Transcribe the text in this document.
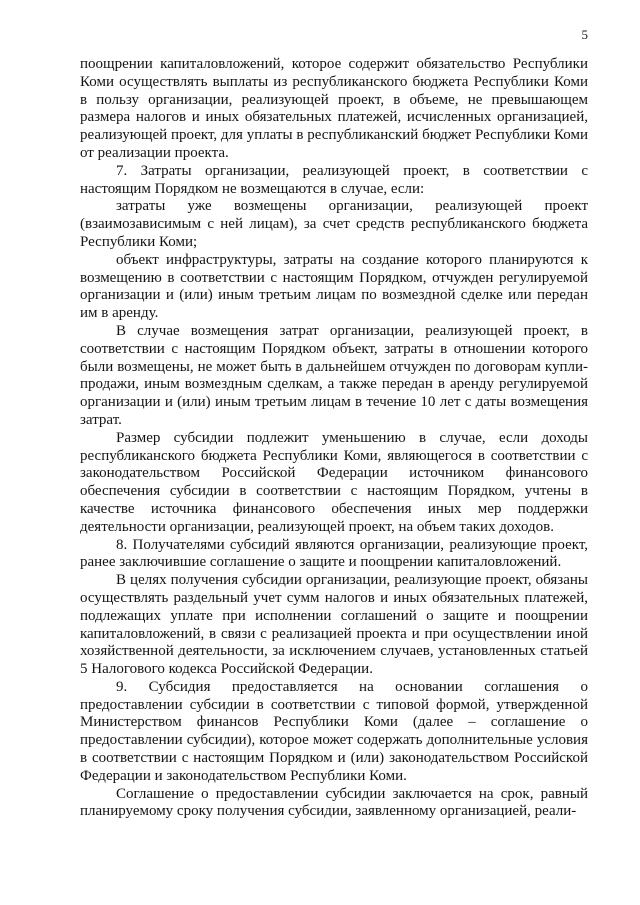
5

поощрении капиталовложений, которое содержит обязательство Республики Коми осуществлять выплаты из республиканского бюджета Республики Коми в пользу организации, реализующей проект, в объеме, не превышающем размера налогов и иных обязательных платежей, исчисленных организацией, реализующей проект, для уплаты в республиканский бюджет Республики Коми от реализации проекта.

7. Затраты организации, реализующей проект, в соответствии с настоящим Порядком не возмещаются в случае, если:

затраты уже возмещены организации, реализующей проект (взаимозависимым с ней лицам), за счет средств республиканского бюджета Республики Коми;

объект инфраструктуры, затраты на создание которого планируются к возмещению в соответствии с настоящим Порядком, отчужден регулируемой организации и (или) иным третьим лицам по возмездной сделке или передан им в аренду.

В случае возмещения затрат организации, реализующей проект, в соответствии с настоящим Порядком объект, затраты в отношении которого были возмещены, не может быть в дальнейшем отчужден по договорам купли-продажи, иным возмездным сделкам, а также передан в аренду регулируемой организации и (или) иным третьим лицам в течение 10 лет с даты возмещения затрат.

Размер субсидии подлежит уменьшению в случае, если доходы республиканского бюджета Республики Коми, являющегося в соответствии с законодательством Российской Федерации источником финансового обеспечения субсидии в соответствии с настоящим Порядком, учтены в качестве источника финансового обеспечения иных мер поддержки деятельности организации, реализующей проект, на объем таких доходов.

8. Получателями субсидий являются организации, реализующие проект, ранее заключившие соглашение о защите и поощрении капиталовложений.

В целях получения субсидии организации, реализующие проект, обязаны осуществлять раздельный учет сумм налогов и иных обязательных платежей, подлежащих уплате при исполнении соглашений о защите и поощрении капиталовложений, в связи с реализацией проекта и при осуществлении иной хозяйственной деятельности, за исключением случаев, установленных статьей 5 Налогового кодекса Российской Федерации.

9. Субсидия предоставляется на основании соглашения о предоставлении субсидии в соответствии с типовой формой, утвержденной Министерством финансов Республики Коми (далее – соглашение о предоставлении субсидии), которое может содержать дополнительные условия в соответствии с настоящим Порядком и (или) законодательством Российской Федерации и законодательством Республики Коми.

Соглашение о предоставлении субсидии заключается на срок, равный планируемому сроку получения субсидии, заявленному организацией, реали-
